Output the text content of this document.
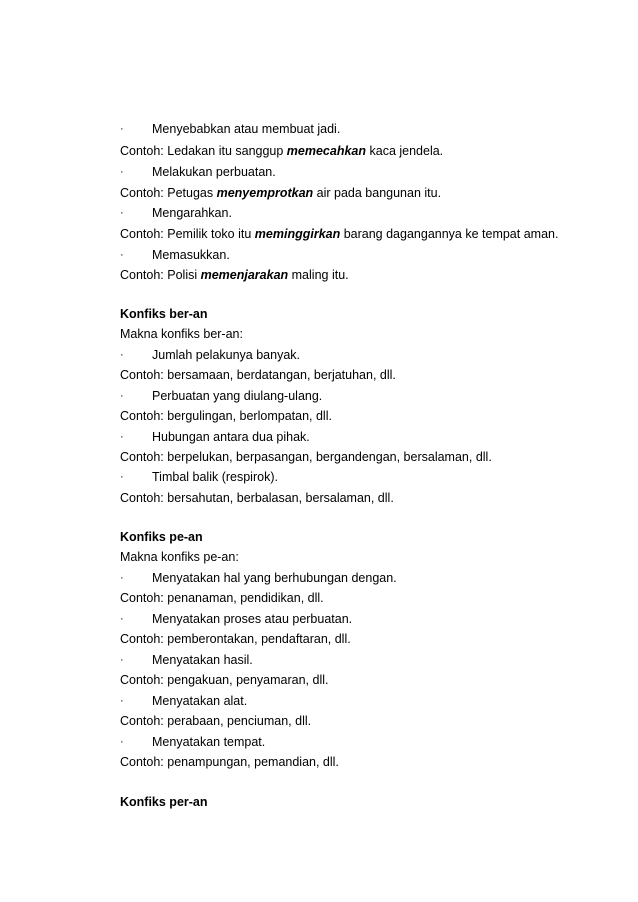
· Menyebabkan atau membuat jadi.
Contoh: Ledakan itu sanggup memecahkan kaca jendela.
· Melakukan perbuatan.
Contoh: Petugas menyemprotkan air pada bangunan itu.
· Mengarahkan.
Contoh: Pemilik toko itu meminggirkan barang dagangannya ke tempat aman.
· Memasukkan.
Contoh: Polisi memenjarakan maling itu.
Konfiks ber-an
Makna konfiks ber-an:
· Jumlah pelakunya banyak.
Contoh: bersamaan, berdatangan, berjatuhan, dll.
· Perbuatan yang diulang-ulang.
Contoh: bergulingan, berlompatan, dll.
· Hubungan antara dua pihak.
Contoh: berpelukan, berpasangan, bergandengan, bersalaman, dll.
· Timbal balik (respirok).
Contoh: bersahutan, berbalasan, bersalaman, dll.
Konfiks pe-an
Makna konfiks pe-an:
· Menyatakan hal yang berhubungan dengan.
Contoh: penanaman, pendidikan, dll.
· Menyatakan proses atau perbuatan.
Contoh: pemberontakan, pendaftaran, dll.
· Menyatakan hasil.
Contoh: pengakuan, penyamaran, dll.
· Menyatakan alat.
Contoh: perabaan, penciuman, dll.
· Menyatakan tempat.
Contoh: penampungan, pemandian, dll.
Konfiks per-an
